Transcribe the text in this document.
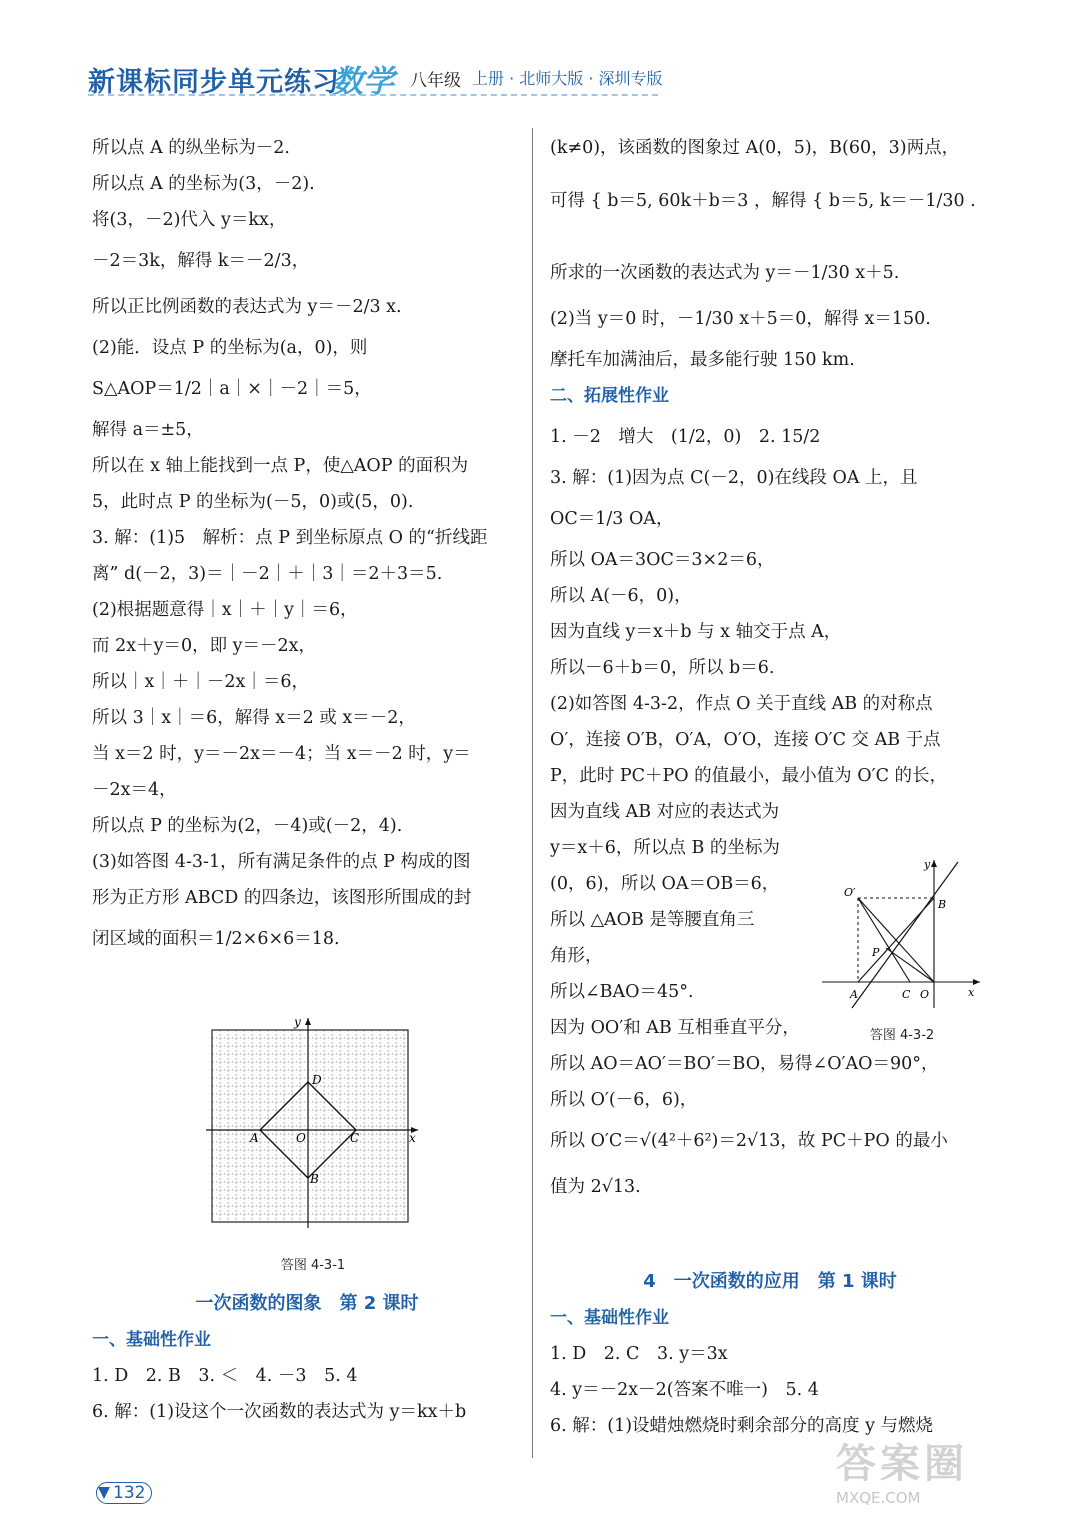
新课标同步单元练习
数学 八年级 上册 · 北师大版 · 深圳专版
所以点 A 的纵坐标为－2.
所以点 A 的坐标为(3，－2).
将(3，－2)代入 y＝kx，
－2＝3k，解得 k＝－2/3，
所以正比例函数的表达式为 y＝－2/3 x.
(2)能．设点 P 的坐标为(a，0)，则
S△AOP＝1/2｜a｜×｜－2｜＝5，
解得 a＝±5，
所以在 x 轴上能找到一点 P，使△AOP 的面积为
5，此时点 P 的坐标为(－5，0)或(5，0).
3. 解：(1)5　解析：点 P 到坐标原点 O 的“折线距
离” d(－2，3)＝｜－2｜＋｜3｜＝2＋3＝5.
(2)根据题意得｜x｜＋｜y｜＝6，
而 2x＋y＝0，即 y＝－2x，
所以｜x｜＋｜－2x｜＝6，
所以 3｜x｜＝6，解得 x＝2 或 x＝－2，
当 x＝2 时，y＝－2x＝－4；当 x＝－2 时，y＝
－2x＝4，
所以点 P 的坐标为(2，－4)或(－2，4).
(3)如答图 4-3-1，所有满足条件的点 P 构成的图
形为正方形 ABCD 的四条边，该图形所围成的封
闭区域的面积＝1/2×6×6＝18.
x
y
O
A
B
C
D
答图 4-3-1
一次函数的图象　第 2 课时
一、基础性作业
1. D　2. B　3. ＜　4. －3　5. 4
6. 解：(1)设这个一次函数的表达式为 y＝kx＋b
(k≠0)，该函数的图象过 A(0，5)，B(60，3)两点，
可得 { b＝5, 60k＋b＝3 ，解得 { b＝5, k＝－1/30 .
所求的一次函数的表达式为 y＝－1/30 x＋5.
(2)当 y＝0 时，－1/30 x＋5＝0，解得 x＝150.
摩托车加满油后，最多能行驶 150 km.
二、拓展性作业
1. －2　增大　(1/2，0)　2. 15/2
3. 解：(1)因为点 C(－2，0)在线段 OA 上，且
OC＝1/3 OA，
所以 OA＝3OC＝3×2＝6，
所以 A(－6，0)，
因为直线 y＝x＋b 与 x 轴交于点 A，
所以－6＋b＝0，所以 b＝6.
(2)如答图 4-3-2，作点 O 关于直线 AB 的对称点
O′，连接 O′B，O′A，O′O，连接 O′C 交 AB 于点
P，此时 PC＋PO 的值最小，最小值为 O′C 的长，
因为直线 AB 对应的表达式为
y＝x＋6，所以点 B 的坐标为
(0，6)，所以 OA＝OB＝6，
所以 △AOB 是等腰直角三
角形，
所以∠BAO＝45°.
因为 OO′和 AB 互相垂直平分，
所以 AO＝AO′＝BO′＝BO，易得∠O′AO＝90°，
所以 O′(－6，6)，
所以 O′C＝√(4²＋6²)＝2√13，故 PC＋PO 的最小
值为 2√13.
x
y
O′
B
P
A	C O
答图 4-3-2
4　一次函数的应用　第 1 课时
一、基础性作业
1. D　2. C　3. y＝3x
4. y＝－2x－2(答案不唯一)　5. 4
6. 解：(1)设蜡烛燃烧时剩余部分的高度 y 与燃烧
132
答案圈
MXQE.COM
